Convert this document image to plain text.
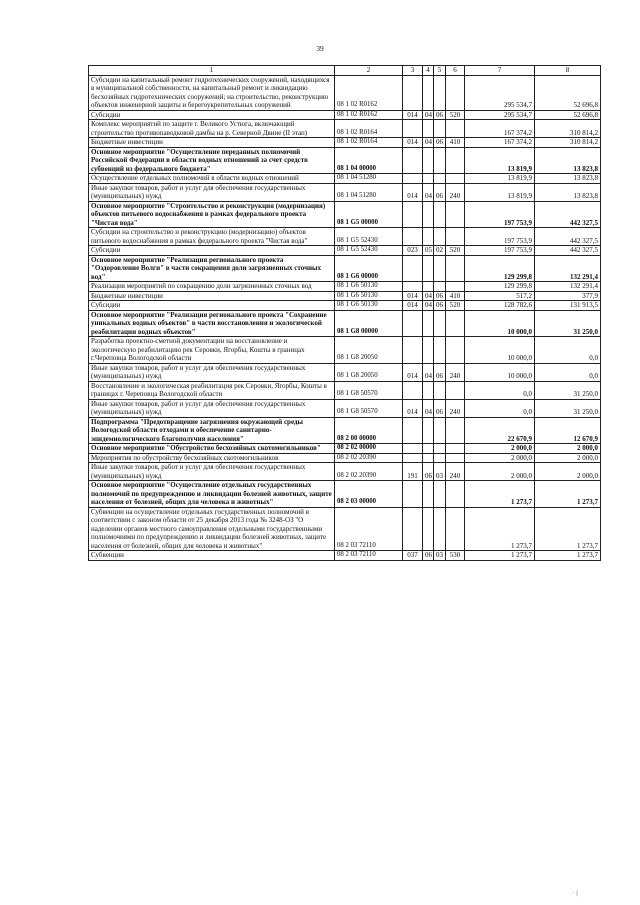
39
1	2	3	4	5	6	7	8
Субсидии на капитальный ремонт гидротехнических сооружений, находящихся в муниципальной собственности, на капитальный ремонт и ликвидацию бесхозяйных гидротехнических сооружений; на строительство, реконструкцию объектов инженерной защиты и берегоукрепительных сооружений	08 1 02 R0162					295 534,7	52 696,8
Субсидии	08 1 02 R0162	014	04	06	520	295 534,7	52 696,8
Комплекс мероприятий по защите г. Великого Устюга, включающий строительство противопаводковой дамбы на р. Северной Двине (II этап)	08 1 02 R0164					167 374,2	310 814,2
Бюджетные инвестиции	08 1 02 R0164	014	04	06	410	167 374,2	310 814,2
Основное мероприятие "Осуществление переданных полномочий Российской Федерации в области водных отношений за счет средств субвенций из федерального бюджета"	08 1 04 00000					13 819,9	13 823,8
Осуществление отдельных полномочий в области водных отношений	08 1 04 51280					13 819,9	13 823,8
Иные закупки товаров, работ и услуг для обеспечения государственных (муниципальных) нужд	08 1 04 51280	014	04	06	240	13 819,9	13 823,8
Основное мероприятие "Строительство и реконструкция (модернизация) объектов питьевого водоснабжения в рамках федерального проекта "Чистая вода"	08 1 G5 00000					197 753,9	442 327,5
Субсидии на строительство и реконструкцию (модернизацию) объектов питьевого водоснабжения в рамках федерального проекта "Чистая вода"	08 1 G5 52430					197 753,9	442 327,5
Субсидии	08 1 G5 52430	023	05	02	520	197 753,9	442 327,5
Основное мероприятие "Реализация регионального проекта "Оздоровление Волги" в части сокращения доли загрязненных сточных вод"	08 1 G6 00000					129 299,8	132 291,4
Реализация мероприятий по сокращению доли загрязненных сточных вод	08 1 G6 50130					129 299,8	132 291,4
Бюджетные инвестиции	08 1 G6 50130	014	04	06	410	517,2	377,9
Субсидии	08 1 G6 50130	014	04	06	520	128 782,6	131 913,5
Основное мероприятие "Реализация регионального проекта "Сохранение уникальных водных объектов" в части восстановления и экологической реабилитации водных объектов"	08 1 G8 00000					10 000,0	31 250,0
Разработка проектно-сметной документации на восстановление и экологическую реабилитацию рек Серовки, Ягорбы, Кошты в границах г.Череповца Вологодской области	08 1 G8 20050					10 000,0	0,0
Иные закупки товаров, работ и услуг для обеспечения государственных (муниципальных) нужд	08 1 G8 20050	014	04	06	240	10 000,0	0,0
Восстановление и экологическая реабилитация рек Серовки, Ягорбы, Кошты в границах г. Череповца Вологодской области	08 1 G8 50570					0,0	31 250,0
Иные закупки товаров, работ и услуг для обеспечения государственных (муниципальных) нужд	08 1 G8 50570	014	04	06	240	0,0	31 250,0
Подпрограмма "Предотвращение загрязнения окружающей среды Вологодской области отходами и обеспечение санитарно-эпидемиологического благополучия населения"	08 2 00 00000					22 670,9	12 670,9
Основное мероприятие "Обустройство бесхозяйных скотомогильников"	08 2 02 00000					2 000,0	2 000,0
Мероприятия по обустройству бесхозяйных скотомогильников	08 2 02 20390					2 000,0	2 000,0
Иные закупки товаров, работ и услуг для обеспечения государственных (муниципальных) нужд	08 2 02 20390	191	06	03	240	2 000,0	2 000,0
Основное мероприятие "Осуществление отдельных государственных полномочий по предупреждению и ликвидации болезней животных, защите населения от болезней, общих для человека и животных"	08 2 03 00000					1 273,7	1 273,7
Субвенции на осуществление отдельных государственных полномочий в соответствии с законом области от 25 декабря 2013 года № 3248-ОЗ "О наделении органов местного самоуправления отдельными государственными полномочиями по предупреждению и ликвидации болезней животных, защите населения от болезней, общих для человека и животных"	08 2 03 72110					1 273,7	1 273,7
Субвенции	08 2 03 72110	037	06	03	530	1 273,7	1 273,7
· |
